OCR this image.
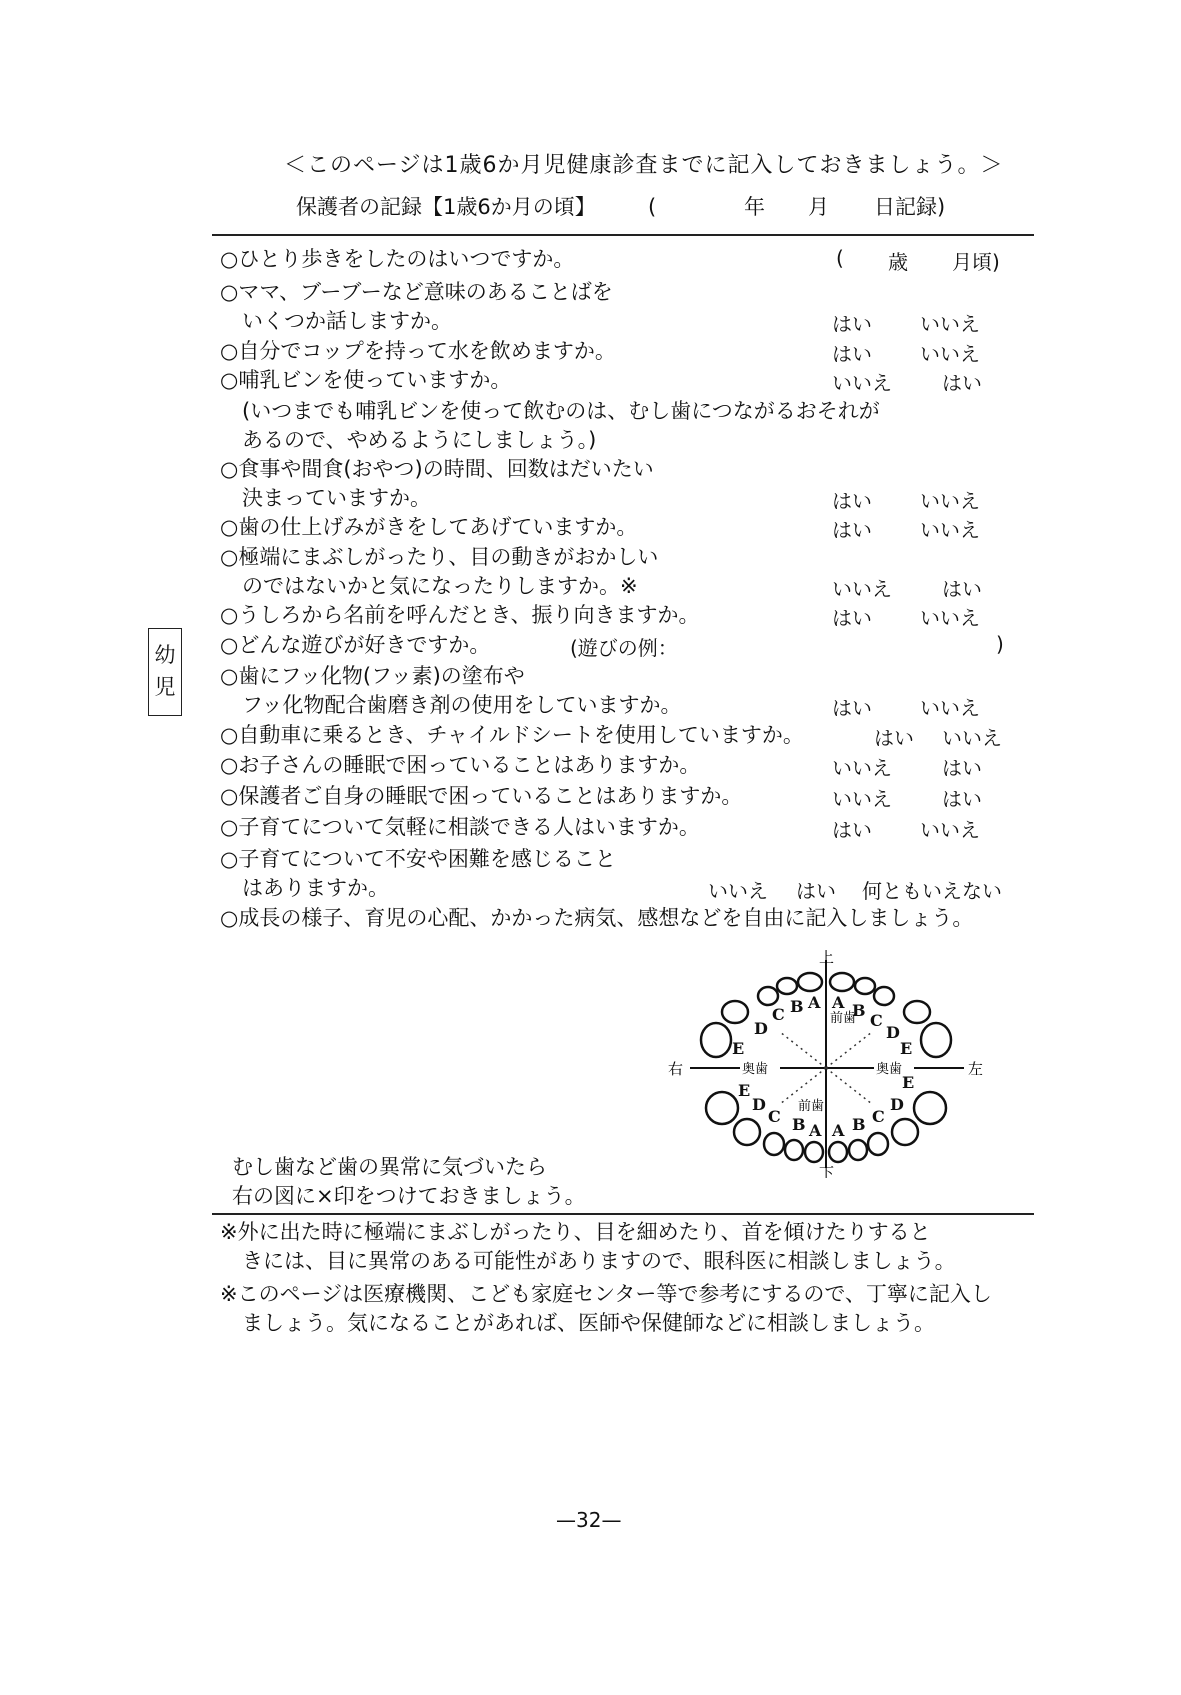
＜このページは1歳6か月児健康診査までに記入しておきましょう。＞
保護者の記録【1歳6か月の頃】 (	年 月 日記録)
幼
児
○ひとり歩きをしたのはいつですか。	( 歳 月頃)
○ママ、ブーブーなど意味のあることばを
いくつか話しますか。	はい いいえ
○自分でコップを持って水を飲めますか。	はい いいえ
○哺乳ビンを使っていますか。	いいえ	はい
(いつまでも哺乳ビンを使って飲むのは、むし歯につながるおそれが
あるので、やめるようにしましょう。)
○食事や間食(おやつ)の時間、回数はだいたい
決まっていますか。	はい いいえ
○歯の仕上げみがきをしてあげていますか。	はい いいえ
○極端にまぶしがったり、目の動きがおかしい
のではないかと気になったりしますか。※	いいえ	はい
○うしろから名前を呼んだとき、振り向きますか。	はい いいえ
○どんな遊びが好きですか。	(遊びの例：	)
○歯にフッ化物(フッ素)の塗布や
フッ化物配合歯磨き剤の使用をしていますか。	はい いいえ
○自動車に乗るとき、チャイルドシートを使用していますか。	はい いいえ
○お子さんの睡眠で困っていることはありますか。	いいえ	はい
○保護者ご自身の睡眠で困っていることはありますか。	いいえ	はい
○子育てについて気軽に相談できる人はいますか。	はい いいえ
○子育てについて不安や困難を感じること
はありますか。	いいえ はい 何ともいえない
○成長の様子、育児の心配、かかった病気、感想などを自由に記入しましょう。
上
下
右	左
奥歯	奥歯
前歯
前歯
A
B
C
D
E
A B
C
D
E
A
B
C
D
E
A B C
D
E
むし歯など歯の異常に気づいたら
右の図に×印をつけておきましょう。
※外に出た時に極端にまぶしがったり、目を細めたり、首を傾けたりすると
きには、目に異常のある可能性がありますので、眼科医に相談しましょう。
※このページは医療機関、こども家庭センター等で参考にするので、丁寧に記入し
ましょう。気になることがあれば、医師や保健師などに相談しましょう。
—32—
